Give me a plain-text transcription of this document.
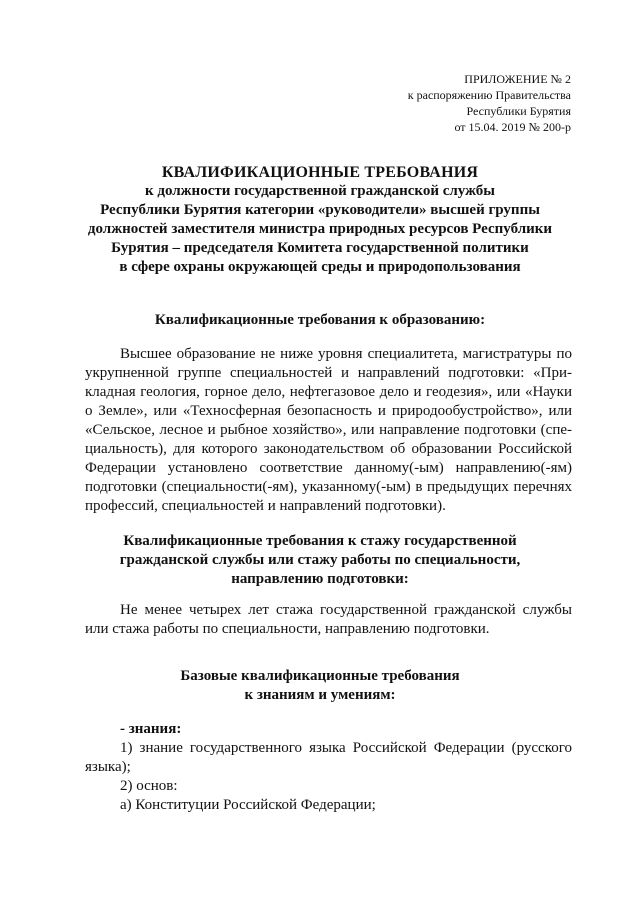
ПРИЛОЖЕНИЕ № 2
к распоряжению Правительства
Республики Бурятия
от 15.04. 2019 № 200-р
КВАЛИФИКАЦИОННЫЕ ТРЕБОВАНИЯ
к должности государственной гражданской службы
Республики Бурятия категории «руководители» высшей группы
должностей заместителя министра природных ресурсов Республики
Бурятия – председателя Комитета государственной политики
в сфере охраны окружающей среды и природопользования
Квалификационные требования к образованию:
Высшее образование не ниже уровня специалитета, магистратуры по
укрупненной группе специальностей и направлений подготовки: «При-
кладная геология, горное дело, нефтегазовое дело и геодезия», или «Науки
о Земле», или «Техносферная безопасность и природообустройство», или
«Сельское, лесное и рыбное хозяйство», или направление подготовки (спе-
циальность), для которого законодательством об образовании Российской
Федерации установлено соответствие данному(-ым) направлению(-ям)
подготовки (специальности(-ям), указанному(-ым) в предыдущих перечнях
профессий, специальностей и направлений подготовки).
Квалификационные требования к стажу государственной
гражданской службы или стажу работы по специальности,
направлению подготовки:
Не менее четырех лет стажа государственной гражданской службы
или стажа работы по специальности, направлению подготовки.
Базовые квалификационные требования
к знаниям и умениям:
- знания:
1) знание государственного языка Российской Федерации (русского
языка);
2) основ:
а) Конституции Российской Федерации;
